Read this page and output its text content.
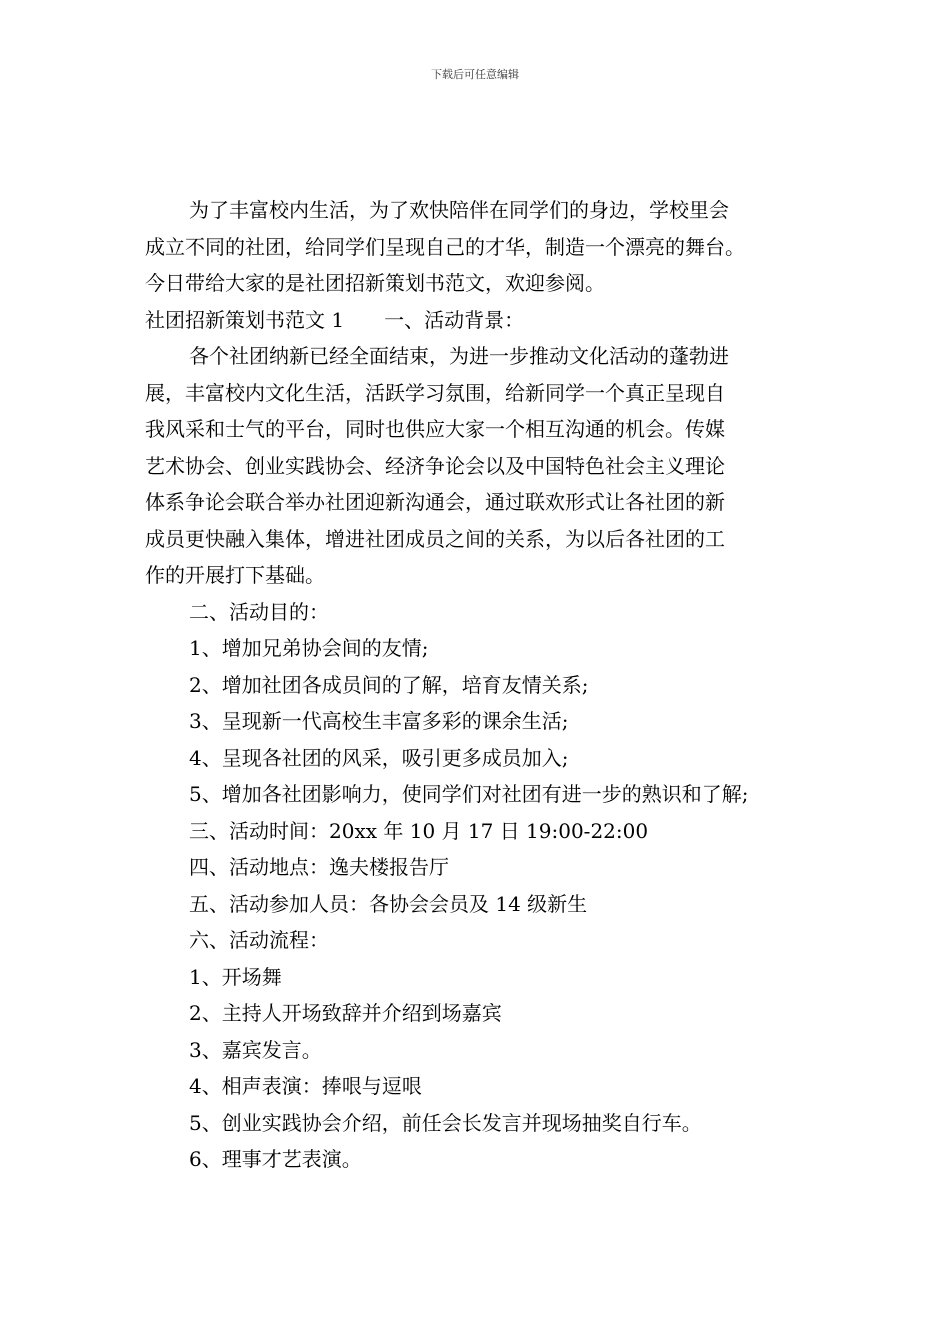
下载后可任意编辑

为了丰富校内生活，为了欢快陪伴在同学们的身边，学校里会

成立不同的社团，给同学们呈现自己的才华，制造一个漂亮的舞台。

今日带给大家的是社团招新策划书范文，欢迎参阅。

社团招新策划书范文 1 一、活动背景：

各个社团纳新已经全面结束，为进一步推动文化活动的蓬勃进

展，丰富校内文化生活，活跃学习氛围，给新同学一个真正呈现自

我风采和士气的平台，同时也供应大家一个相互沟通的机会。传媒

艺术协会、创业实践协会、经济争论会以及中国特色社会主义理论

体系争论会联合举办社团迎新沟通会，通过联欢形式让各社团的新

成员更快融入集体，增进社团成员之间的关系，为以后各社团的工

作的开展打下基础。

二、活动目的：

1、增加兄弟协会间的友情;

2、增加社团各成员间的了解，培育友情关系;

3、呈现新一代高校生丰富多彩的课余生活;

4、呈现各社团的风采，吸引更多成员加入;

5、增加各社团影响力，使同学们对社团有进一步的熟识和了解;

三、活动时间：20xx 年 10 月 17 日 19:00-22:00

四、活动地点：逸夫楼报告厅

五、活动参加人员：各协会会员及 14 级新生

六、活动流程：

1、开场舞

2、主持人开场致辞并介绍到场嘉宾

3、嘉宾发言。

4、相声表演：捧哏与逗哏

5、创业实践协会介绍，前任会长发言并现场抽奖自行车。

6、理事才艺表演。
